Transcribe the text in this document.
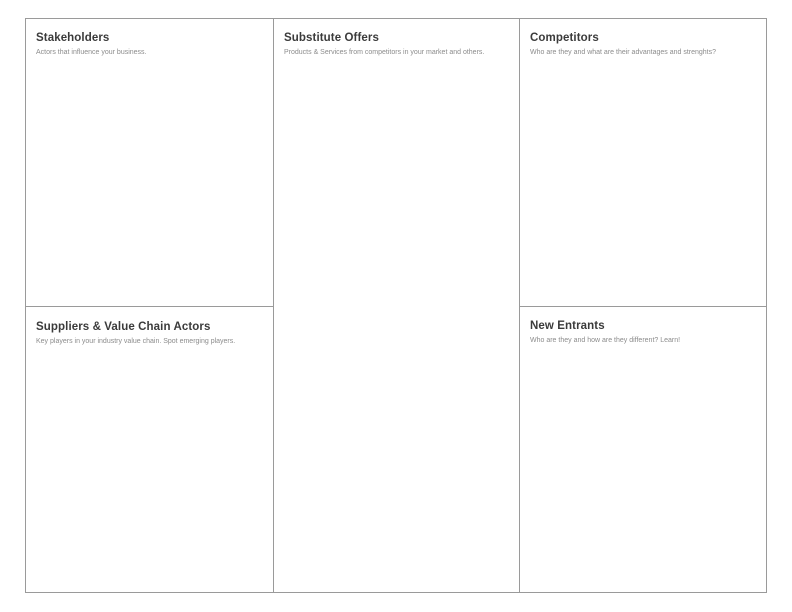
Stakeholders

Actors that influence your business.

Substitute Offers

Products & Services from competitors in your market and others.

Competitors

Who are they and what are their advantages and strenghts?

Suppliers & Value Chain Actors

Key players in your industry value chain. Spot emerging players.

New Entrants

Who are they and how are they different? Learn!
